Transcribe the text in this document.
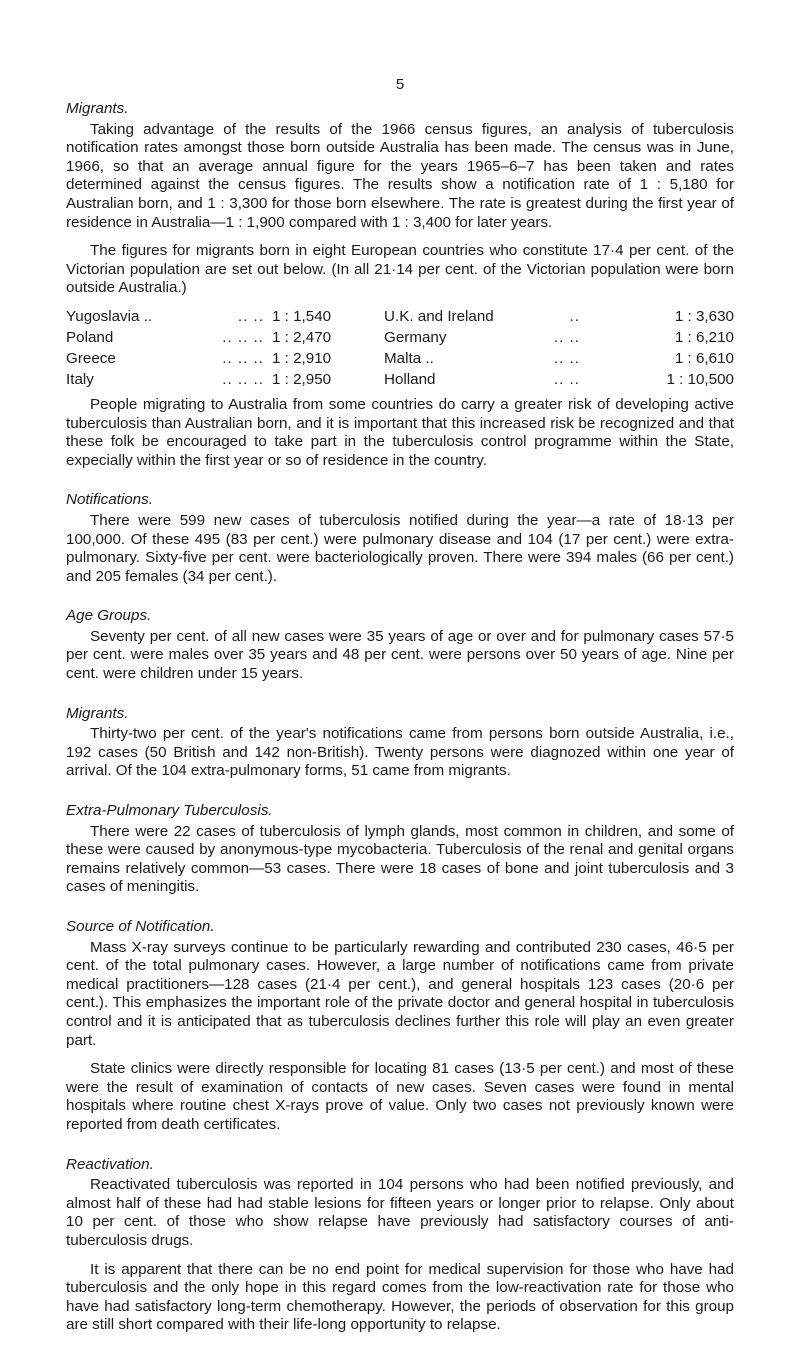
5
Migrants.

Taking advantage of the results of the 1966 census figures, an analysis of tuberculosis notification rates amongst those born outside Australia has been made. The census was in June, 1966, so that an average annual figure for the years 1965–6–7 has been taken and rates determined against the census figures. The results show a notification rate of 1 : 5,180 for Australian born, and 1 : 3,300 for those born elsewhere. The rate is greatest during the first year of residence in Australia—1 : 1,900 compared with 1 : 3,400 for later years.

The figures for migrants born in eight European countries who constitute 17·4 per cent. of the Victorian population are set out below. (In all 21·14 per cent. of the Victorian population were born outside Australia.)

Yugoslavia .. .. ..	1 : 1,540	U.K. and Ireland ..	1 : 3,630
Poland .. .. ..	1 : 2,470	Germany .. ..	1 : 6,210
Greece .. .. ..	1 : 2,910	Malta .. .. ..	1 : 6,610
Italy .. .. ..	1 : 2,950	Holland .. ..	1 : 10,500

People migrating to Australia from some countries do carry a greater risk of developing active tuberculosis than Australian born, and it is important that this increased risk be recognized and that these folk be encouraged to take part in the tuberculosis control programme within the State, expecially within the first year or so of residence in the country.

Notifications.

There were 599 new cases of tuberculosis notified during the year—a rate of 18·13 per 100,000. Of these 495 (83 per cent.) were pulmonary disease and 104 (17 per cent.) were extra-pulmonary. Sixty-five per cent. were bacteriologically proven. There were 394 males (66 per cent.) and 205 females (34 per cent.).

Age Groups.

Seventy per cent. of all new cases were 35 years of age or over and for pulmonary cases 57·5 per cent. were males over 35 years and 48 per cent. were persons over 50 years of age. Nine per cent. were children under 15 years.

Migrants.

Thirty-two per cent. of the year's notifications came from persons born outside Australia, i.e., 192 cases (50 British and 142 non-British). Twenty persons were diagnozed within one year of arrival. Of the 104 extra-pulmonary forms, 51 came from migrants.

Extra-Pulmonary Tuberculosis.

There were 22 cases of tuberculosis of lymph glands, most common in children, and some of these were caused by anonymous-type mycobacteria. Tuberculosis of the renal and genital organs remains relatively common—53 cases. There were 18 cases of bone and joint tuberculosis and 3 cases of meningitis.

Source of Notification.

Mass X-ray surveys continue to be particularly rewarding and contributed 230 cases, 46·5 per cent. of the total pulmonary cases. However, a large number of notifications came from private medical practitioners—128 cases (21·4 per cent.), and general hospitals 123 cases (20·6 per cent.). This emphasizes the important role of the private doctor and general hospital in tuberculosis control and it is anticipated that as tuberculosis declines further this role will play an even greater part.

State clinics were directly responsible for locating 81 cases (13·5 per cent.) and most of these were the result of examination of contacts of new cases. Seven cases were found in mental hospitals where routine chest X-rays prove of value. Only two cases not previously known were reported from death certificates.

Reactivation.

Reactivated tuberculosis was reported in 104 persons who had been notified previously, and almost half of these had had stable lesions for fifteen years or longer prior to relapse. Only about 10 per cent. of those who show relapse have previously had satisfactory courses of anti-tuberculosis drugs.

It is apparent that there can be no end point for medical supervision for those who have had tuberculosis and the only hope in this regard comes from the low-reactivation rate for those who have had satisfactory long-term chemotherapy. However, the periods of observation for this group are still short compared with their life-long opportunity to relapse.
